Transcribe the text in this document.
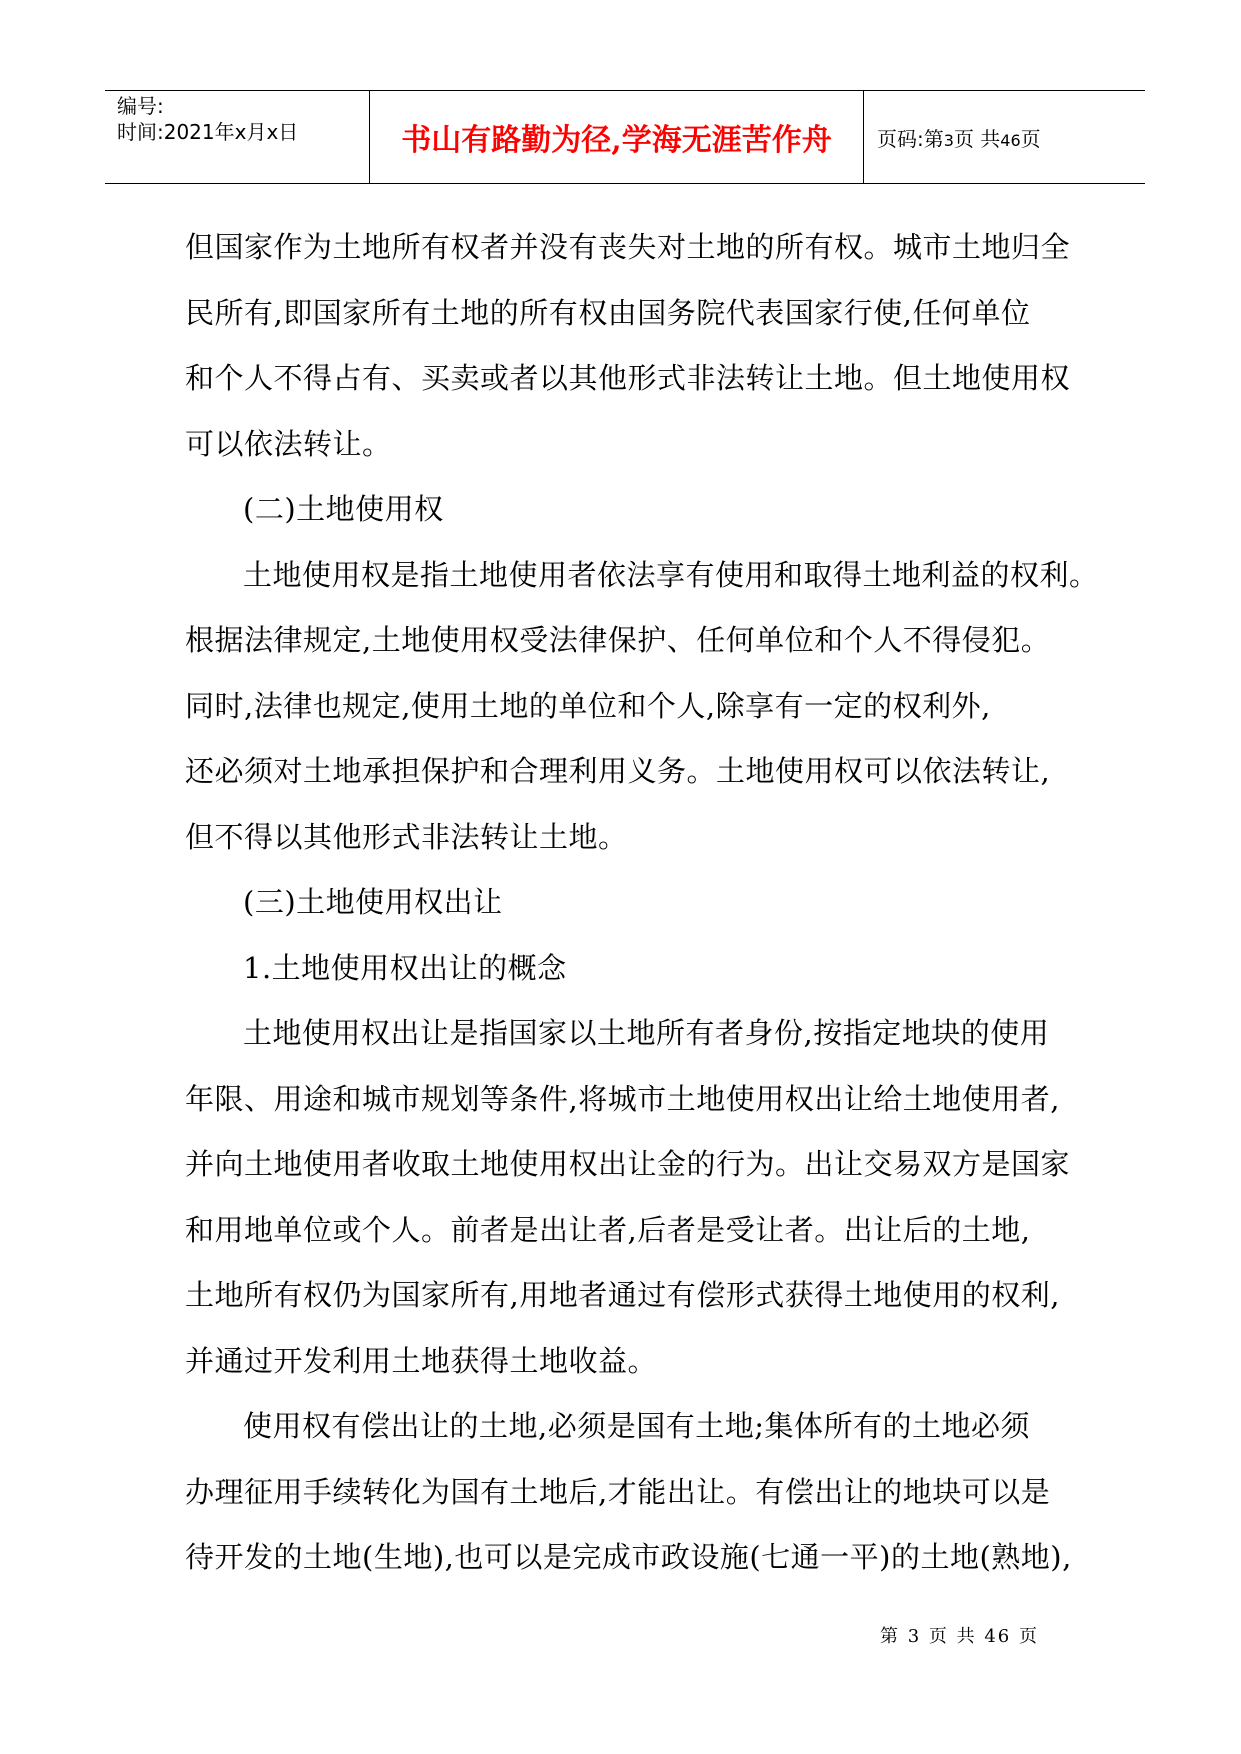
编号:
时间:2021年x月x日	书山有路勤为径,学海无涯苦作舟 页码:第3页 共46页
但国家作为土地所有权者并没有丧失对土地的所有权。城市土地归全
民所有,即国家所有土地的所有权由国务院代表国家行使,任何单位
和个人不得占有、买卖或者以其他形式非法转让土地。但土地使用权
可以依法转让。
(二)土地使用权
土地使用权是指土地使用者依法享有使用和取得土地利益的权利。
根据法律规定,土地使用权受法律保护、任何单位和个人不得侵犯。
同时,法律也规定,使用土地的单位和个人,除享有一定的权利外,
还必须对土地承担保护和合理利用义务。土地使用权可以依法转让,
但不得以其他形式非法转让土地。
(三)土地使用权出让
1.土地使用权出让的概念
土地使用权出让是指国家以土地所有者身份,按指定地块的使用
年限、用途和城市规划等条件,将城市土地使用权出让给土地使用者,
并向土地使用者收取土地使用权出让金的行为。出让交易双方是国家
和用地单位或个人。前者是出让者,后者是受让者。出让后的土地,
土地所有权仍为国家所有,用地者通过有偿形式获得土地使用的权利,
并通过开发利用土地获得土地收益。
使用权有偿出让的土地,必须是国有土地;集体所有的土地必须
办理征用手续转化为国有土地后,才能出让。有偿出让的地块可以是
待开发的土地(生地),也可以是完成市政设施(七通一平)的土地(熟地),
第 3 页 共 46 页
